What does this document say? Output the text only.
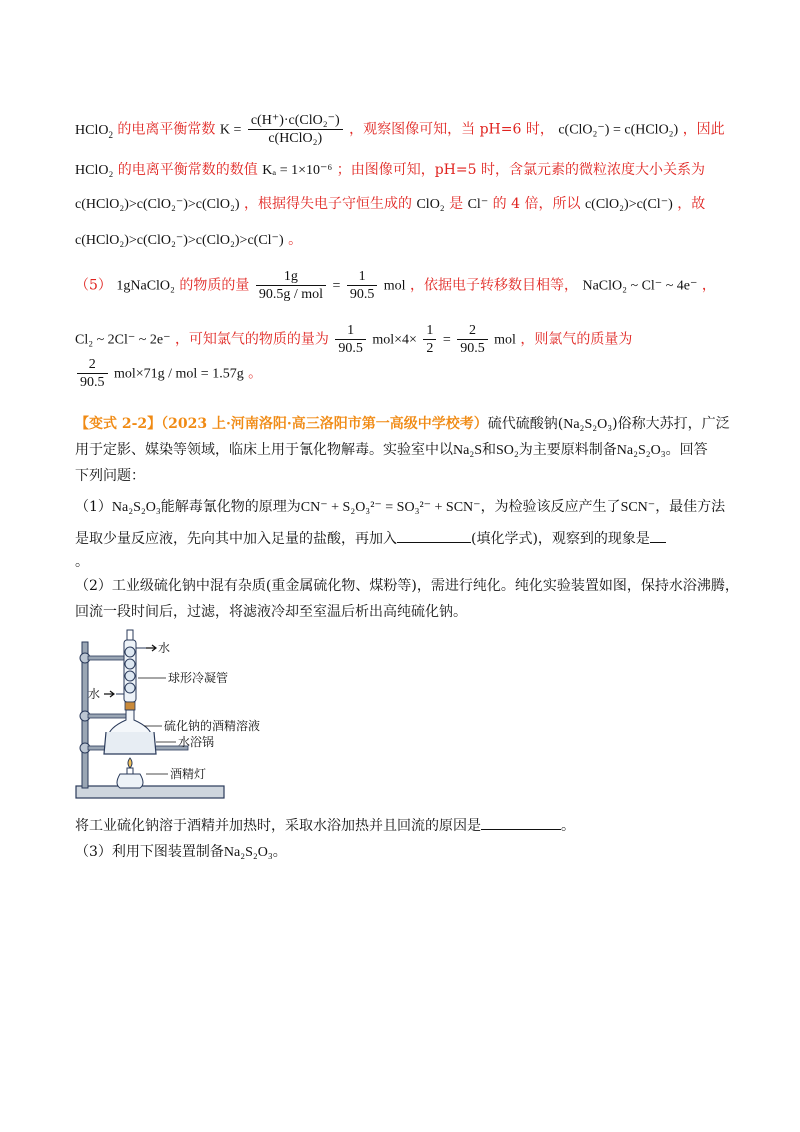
HClO$_2$ 的电离平衡常数 $K = \frac{\text{c(H⁺)·c(ClO₂⁻)}}{\text{c(HClO₂)}}$ ，观察图像可知，当 pH=6 时， c(ClO₂⁻) = c(HClO₂) ，因此
HClO₂ 的电离平衡常数的数值 Kₐ = 1×10⁻⁶ ；由图像可知，pH=5 时，含氯元素的微粒浓度大小关系为
c(HClO₂)>c(ClO₂⁻)>c(ClO₂) ，根据得失电子守恒生成的 ClO₂ 是 Cl⁻ 的 4 倍，所以 c(ClO₂)>c(Cl⁻) ，故
c(HClO₂)>c(ClO₂⁻)>c(ClO₂)>c(Cl⁻) 。
（5） 1gNaClO₂ 的物质的量 $\frac{1g}{\text{90.5g / mol}} = \frac{1}{90.5}$ mol ，依据电子转移数目相等， NaClO₂ ~ Cl⁻ ~ 4e⁻ ，
Cl₂ ~ 2Cl⁻ ~ 2e⁻ ，可知氯气的物质的量为 $\frac{1}{90.5} mol\times 4\times \frac{1}{2} = \frac{2}{90.5}$ mol ，则氯气的质量为
$\frac{2}{90.5} mol\times 71g$ / mol = 1.57g 。
【变式 2-2】（2023 上·河南洛阳·高三洛阳市第一高级中学校考）硫代硫酸钠(Na₂S₂O₃)俗称大苏打，广泛
用于定影、媒染等领域，临床上用于氰化物解毒。实验室中以Na₂S和SO₂为主要原料制备Na₂S₂O₃。回答
下列问题：
（1）Na₂S₂O₃能解毒氰化物的原理为CN⁻ + S₂O₃²⁻ = SO₃²⁻ + SCN⁻，为检验该反应产生了SCN⁻，最佳方法
是取少量反应液，先向其中加入足量的盐酸，再加入	(填化学式)，观察到的现象是
。
（2）工业级硫化钠中混有杂质(重金属硫化物、煤粉等)，需进行纯化。纯化实验装置如图，保持水浴沸腾，
回流一段时间后，过滤，将滤液冷却至室温后析出高纯硫化钠。
水
水
球形冷凝管
硫化钠的酒精溶液
水浴锅
酒精灯
将工业硫化钠溶于酒精并加热时，采取水浴加热并且回流的原因是	。
（3）利用下图装置制备Na₂S₂O₃。
